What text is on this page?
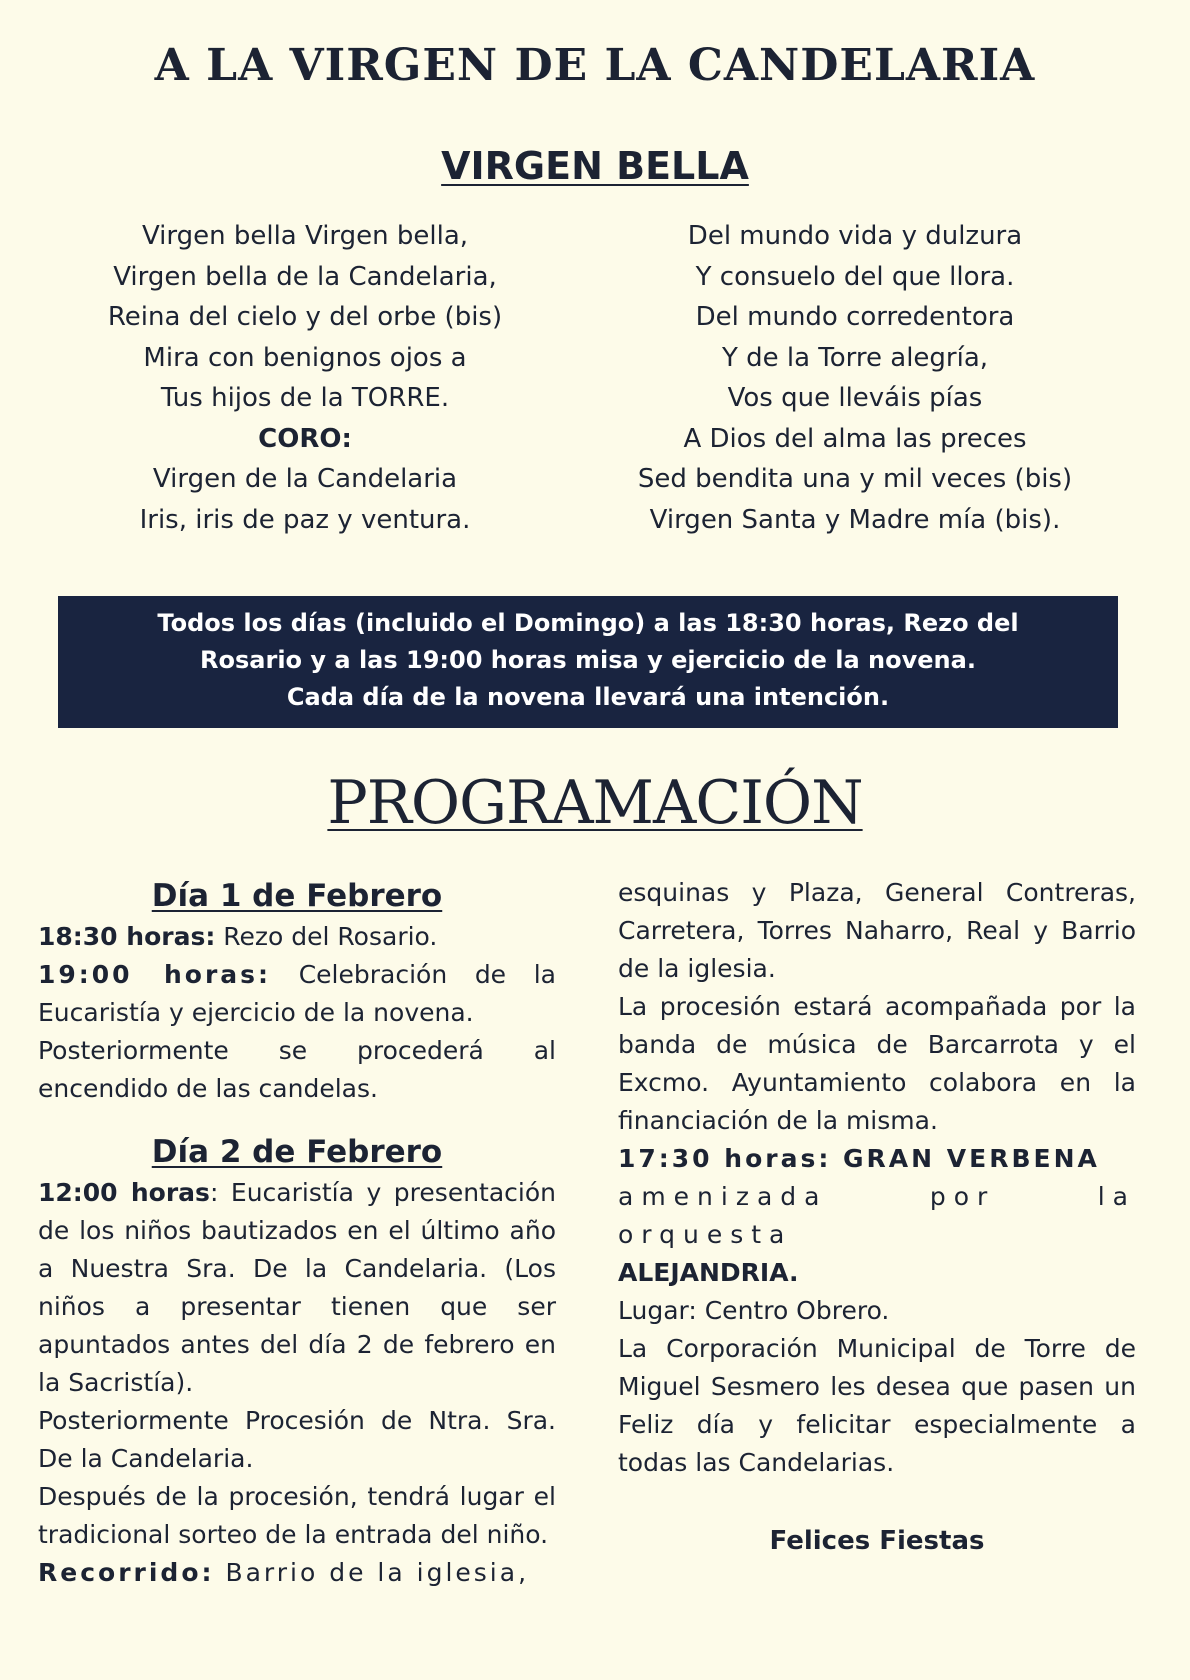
A LA VIRGEN DE LA CANDELARIA
VIRGEN BELLA
Virgen bella Virgen bella,
Virgen bella de la Candelaria,
Reina del cielo y del orbe (bis)
Mira con benignos ojos a
Tus hijos de la TORRE.
CORO:
Virgen de la Candelaria
Iris, iris de paz y ventura.
Del mundo vida y dulzura
Y consuelo del que llora.
Del mundo corredentora
Y de la Torre alegría,
Vos que lleváis pías
A Dios del alma las preces
Sed bendita una y mil veces (bis)
Virgen Santa y Madre mía (bis).
Todos los días (incluido el Domingo) a las 18:30 horas, Rezo del
Rosario y a las 19:00 horas misa y ejercicio de la novena.
Cada día de la novena llevará una intención.
PROGRAMACIÓN
Día 1 de Febrero
18:30 horas: Rezo del Rosario.
19:00 horas: Celebración de la Eucaristía y ejercicio de la novena.
Posteriormente se procederá al encendido de las candelas.
Día 2 de Febrero
12:00 horas: Eucaristía y presentación de los niños bautizados en el último año a Nuestra Sra. De la Candelaria. (Los niños a presentar tienen que ser apuntados antes del día 2 de febrero en la Sacristía).
Posteriormente Procesión de Ntra. Sra. De la Candelaria.
Después de la procesión, tendrá lugar el tradicional sorteo de la entrada del niño.
Recorrido: Barrio de la iglesia,
esquinas y Plaza, General Contreras, Carretera, Torres Naharro, Real y Barrio de la iglesia.
La procesión estará acompañada por la banda de música de Barcarrota y el Excmo. Ayuntamiento colabora en la financiación de la misma.
17:30 horas: GRAN VERBENA
amenizada por la orquesta
ALEJANDRIA.
Lugar: Centro Obrero.
La Corporación Municipal de Torre de Miguel Sesmero les desea que pasen un Feliz día y felicitar especialmente a todas las Candelarias.
Felices Fiestas
